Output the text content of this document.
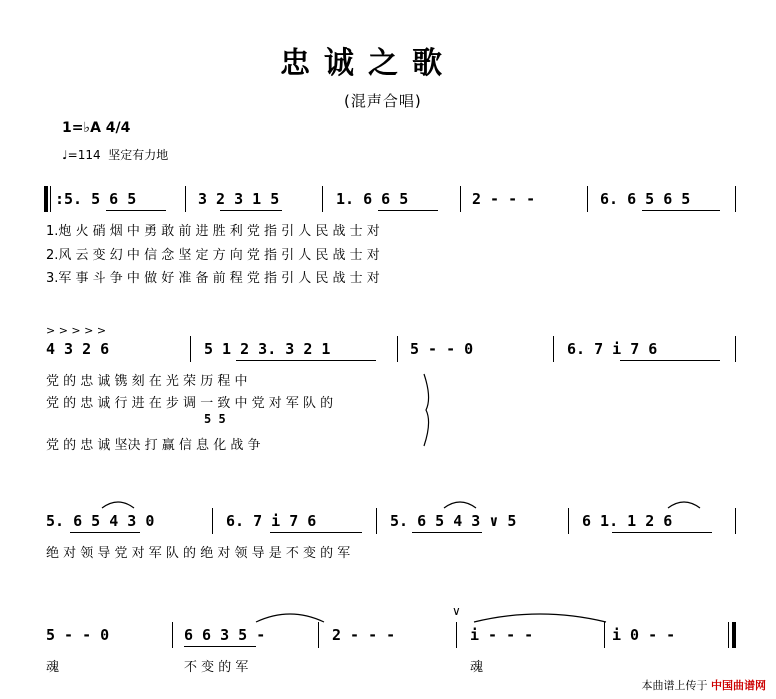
忠诚之歌
(混声合唱)
1=♭A 4/4
♩=114 坚定有力地
: 5. 5 6 5	3 2 3 1 5	1. 6 6 5	2 - - -	6. 6 5 6 5
1.炮 火 硝 烟 中 勇 敢 前 进 胜 利 党 指 引 人 民 战 士 对
2.风 云 变 幻 中 信 念 坚 定 方 向 党 指 引 人 民 战 士 对
3.军 事 斗 争 中 做 好 准 备 前 程 党 指 引 人 民 战 士 对
> > > > >
4 3 2 6	5 1 2 3. 3 2 1	5 - - 0	6. 7 i 7 6
党 的 忠 诚 镌 刻 在 光 荣 历 程 中
党 的 忠 诚 行 进 在 步 调 一 致 中 党 对 军 队 的
5 5
党 的 忠 诚 坚决 打 赢 信 息 化 战 争
5. 6 5 4 3 0	6. 7 i 7 6	5. 6 5 4 3 ∨ 5	6 1. 1 2 6
绝 对 领 导 党 对 军 队 的 绝 对 领 导 是 不 变 的 军
5 - - 0	6 6 3 5 -	2 - - -
∨
i - - -	i 0 - -
魂	不 变 的 军	魂
本曲谱上传于 中国曲谱网
